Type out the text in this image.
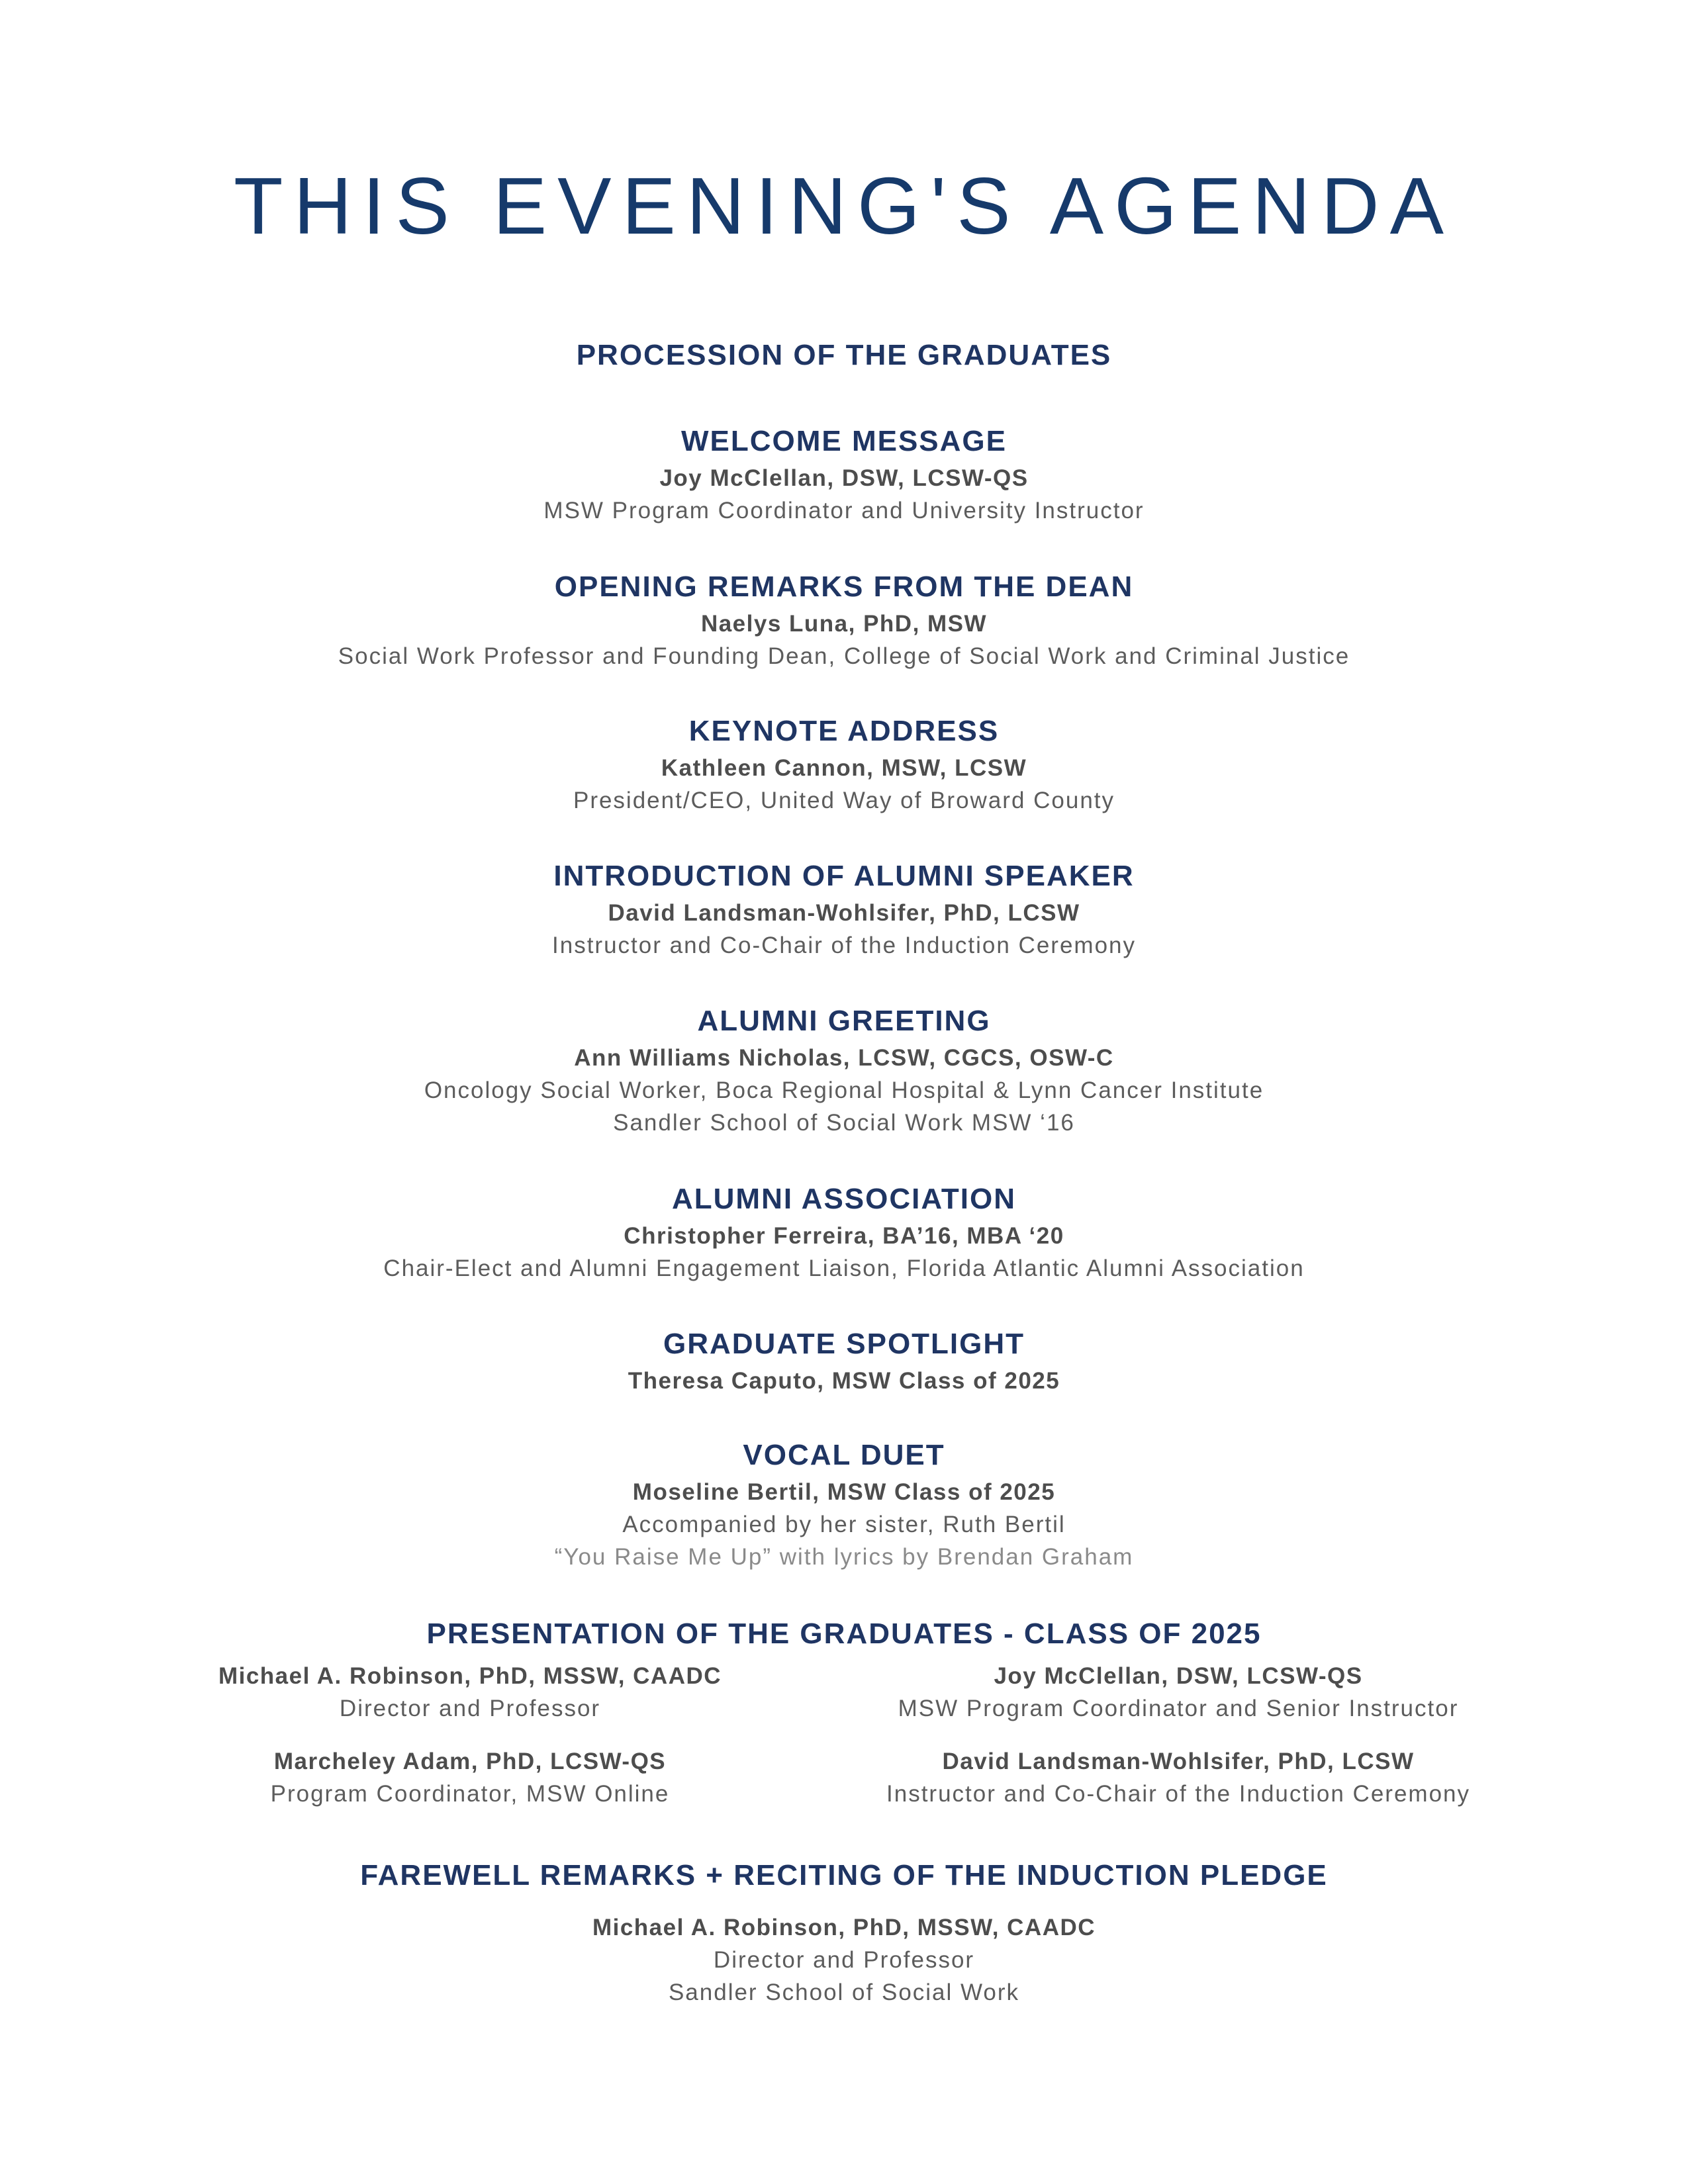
THIS EVENING'S AGENDA

PROCESSION OF THE GRADUATES

WELCOME MESSAGE

Joy McClellan, DSW, LCSW-QS

MSW Program Coordinator and University Instructor

OPENING REMARKS FROM THE DEAN

Naelys Luna, PhD, MSW

Social Work Professor and Founding Dean, College of Social Work and Criminal Justice

KEYNOTE ADDRESS

Kathleen Cannon, MSW, LCSW

President/CEO, United Way of Broward County

INTRODUCTION OF ALUMNI SPEAKER

David Landsman-Wohlsifer, PhD, LCSW

Instructor and Co-Chair of the Induction Ceremony

ALUMNI GREETING

Ann Williams Nicholas, LCSW, CGCS, OSW-C

Oncology Social Worker, Boca Regional Hospital & Lynn Cancer Institute

Sandler School of Social Work MSW ‘16

ALUMNI ASSOCIATION

Christopher Ferreira, BA’16, MBA ‘20

Chair-Elect and Alumni Engagement Liaison, Florida Atlantic Alumni Association

GRADUATE SPOTLIGHT

Theresa Caputo, MSW Class of 2025

VOCAL DUET

Moseline Bertil, MSW Class of 2025

Accompanied by her sister, Ruth Bertil

“You Raise Me Up” with lyrics by Brendan Graham

PRESENTATION OF THE GRADUATES - CLASS OF 2025

Michael A. Robinson, PhD, MSSW, CAADC

Director and Professor

Joy McClellan, DSW, LCSW-QS

MSW Program Coordinator and Senior Instructor

Marcheley Adam, PhD, LCSW-QS

Program Coordinator, MSW Online

David Landsman-Wohlsifer, PhD, LCSW

Instructor and Co-Chair of the Induction Ceremony

FAREWELL REMARKS + RECITING OF THE INDUCTION PLEDGE

Michael A. Robinson, PhD, MSSW, CAADC

Director and Professor

Sandler School of Social Work
